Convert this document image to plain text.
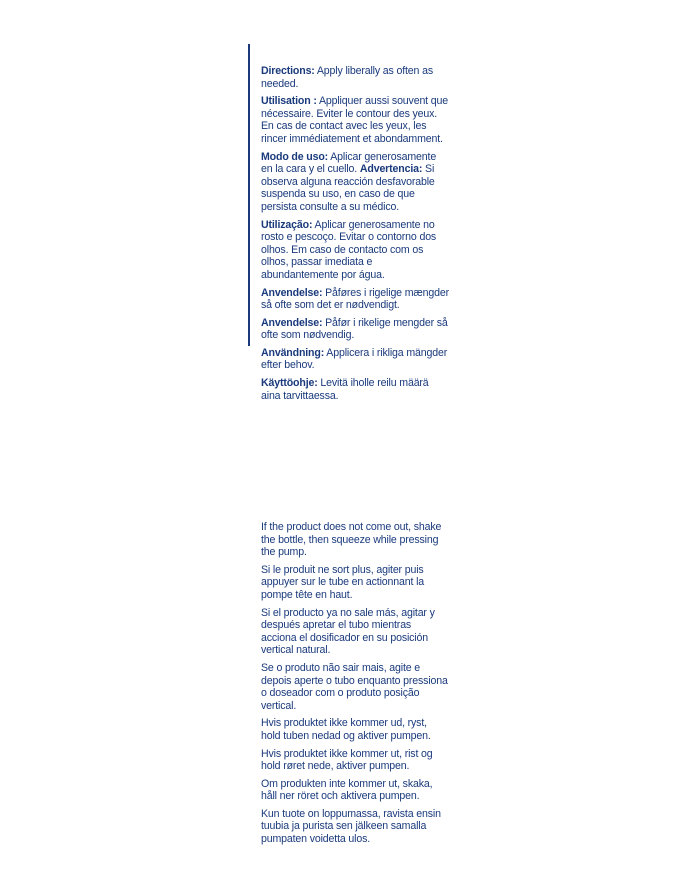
Directions: Apply liberally as often as needed.

Utilisation : Appliquer aussi souvent que nécessaire. Eviter le contour des yeux. En cas de contact avec les yeux, les rincer immédiatement et abondamment.

Modo de uso: Aplicar generosamente en la cara y el cuello. Advertencia: Si observa alguna reacción desfavorable suspenda su uso, en caso de que persista consulte a su médico.

Utilização: Aplicar generosamente no rosto e pescoço. Evitar o contorno dos olhos. Em caso de contacto com os olhos, passar imediata e abundantemente por água.

Anvendelse: Påføres i rigelige mængder så ofte som det er nødvendigt.

Anvendelse: Påfør i rikelige mengder så ofte som nødvendig.

Användning: Applicera i rikliga mängder efter behov.

Käyttöohje: Levitä iholle reilu määrä aina tarvittaessa.

If the product does not come out, shake the bottle, then squeeze while pressing the pump.

Si le produit ne sort plus, agiter puis appuyer sur le tube en actionnant la pompe tête en haut.

Si el producto ya no sale más, agitar y después apretar el tubo mientras acciona el dosificador en su posición vertical natural.

Se o produto não sair mais, agite e depois aperte o tubo enquanto pressiona o doseador com o produto posição vertical.

Hvis produktet ikke kommer ud, ryst, hold tuben nedad og aktiver pumpen.

Hvis produktet ikke kommer ut, rist og hold røret nede, aktiver pumpen.

Om produkten inte kommer ut, skaka, håll ner röret och aktivera pumpen.

Kun tuote on loppumassa, ravista ensin tuubia ja purista sen jälkeen samalla pumpaten voidetta ulos.
